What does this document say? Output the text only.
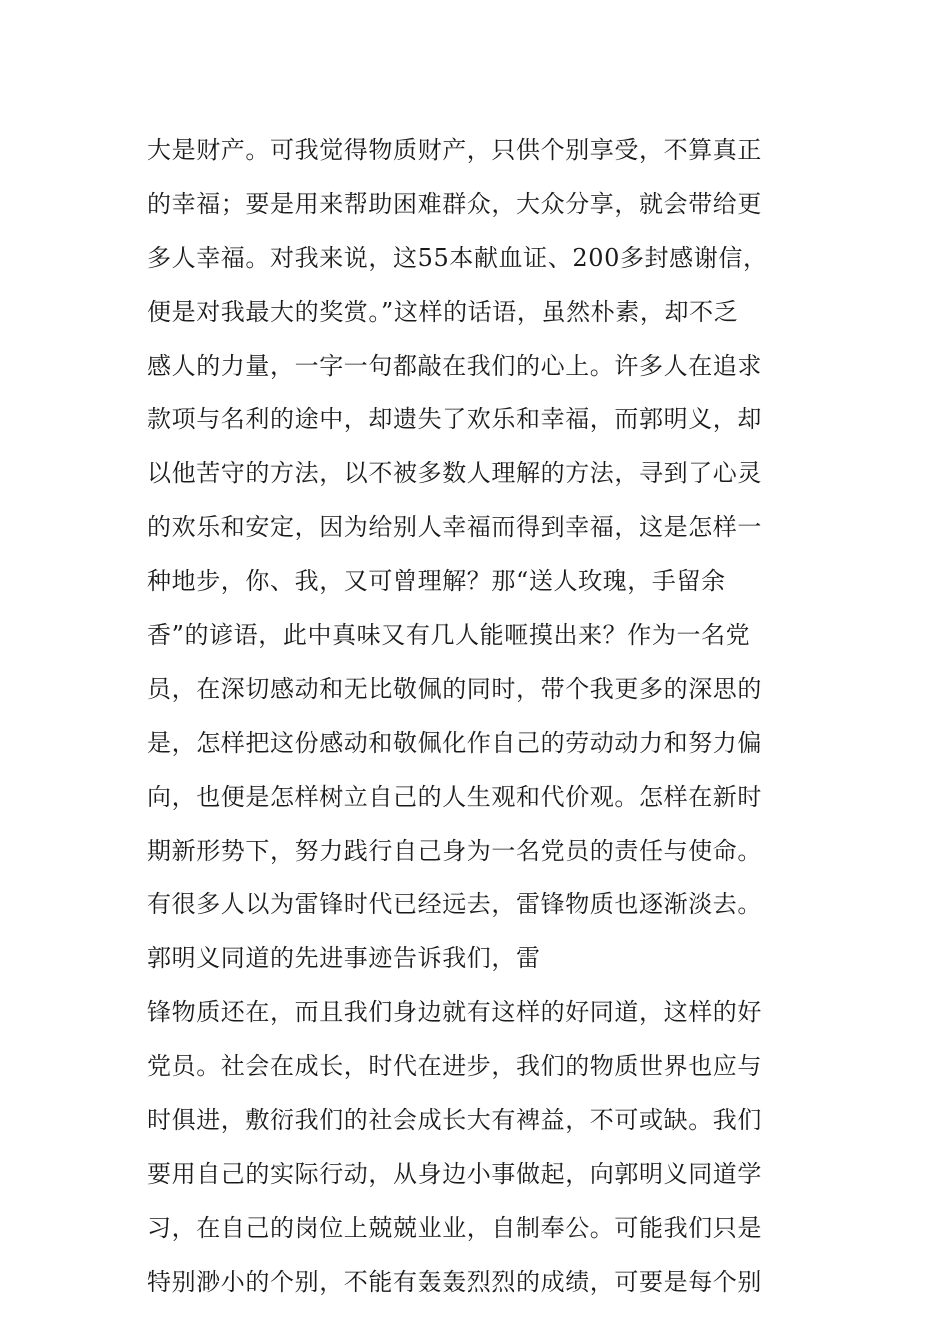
大是财产。可我觉得物质财产，只供个别享受，不算真正
的幸福；要是用来帮助困难群众，大众分享，就会带给更
多人幸福。对我来说，这55本献血证、200多封感谢信，
便是对我最大的奖赏。”这样的话语，虽然朴素，却不乏
感人的力量，一字一句都敲在我们的心上。许多人在追求
款项与名利的途中，却遗失了欢乐和幸福，而郭明义，却
以他苦守的方法，以不被多数人理解的方法，寻到了心灵
的欢乐和安定，因为给别人幸福而得到幸福，这是怎样一
种地步，你、我，又可曾理解？那“送人玫瑰，手留余
香”的谚语，此中真味又有几人能咂摸出来？作为一名党
员，在深切感动和无比敬佩的同时，带个我更多的深思的
是，怎样把这份感动和敬佩化作自己的劳动动力和努力偏
向，也便是怎样树立自己的人生观和代价观。怎样在新时
期新形势下，努力践行自己身为一名党员的责任与使命。
有很多人以为雷锋时代已经远去，雷锋物质也逐渐淡去。
郭明义同道的先进事迹告诉我们，雷
锋物质还在，而且我们身边就有这样的好同道，这样的好
党员。社会在成长，时代在进步，我们的物质世界也应与
时俱进，敷衍我们的社会成长大有裨益，不可或缺。我们
要用自己的实际行动，从身边小事做起，向郭明义同道学
习，在自己的岗位上兢兢业业，自制奉公。可能我们只是
特别渺小的个别，不能有轰轰烈烈的成绩，可要是每个别
